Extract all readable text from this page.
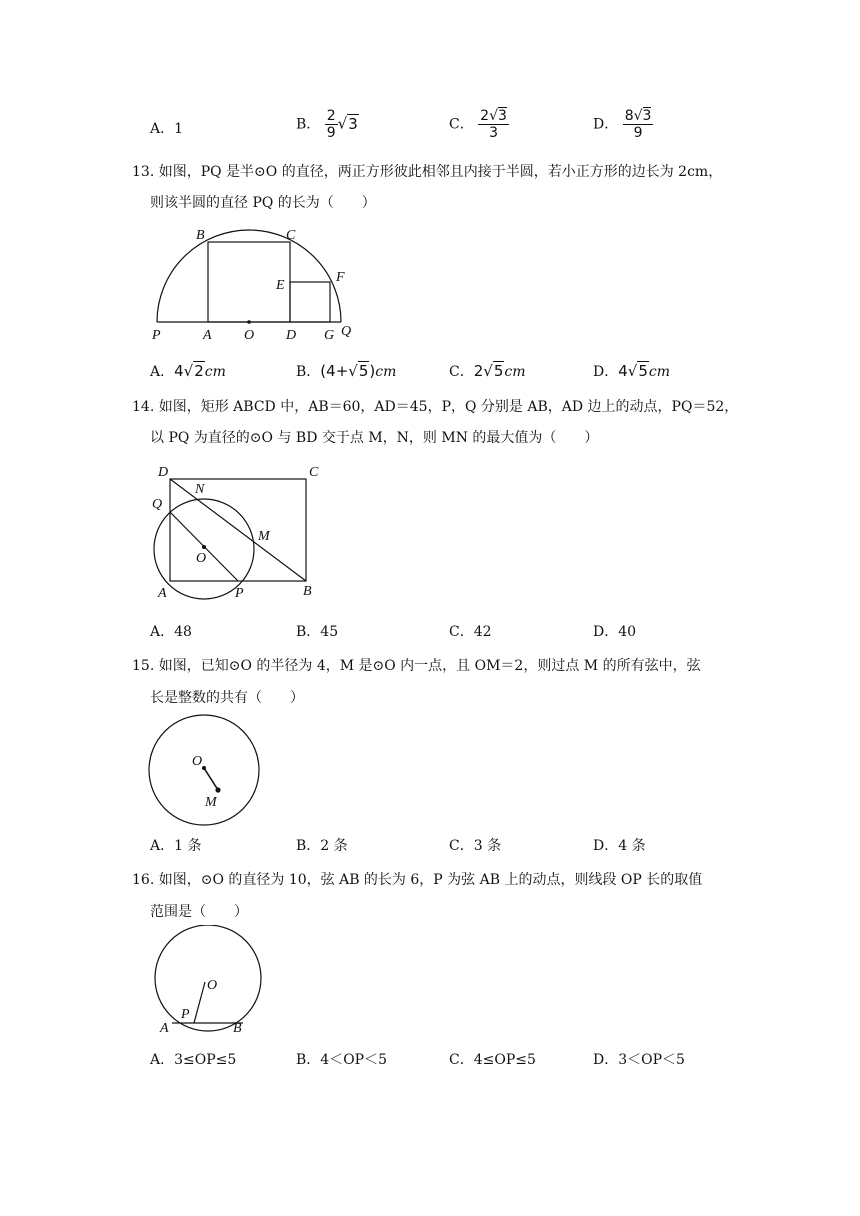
A．1	B． $\frac{2}{9} √3$	C． $\frac{2√3}{3}$	D． $\frac{8√3}{9}$
13. 如图，PQ 是半⊙O 的直径，两正方形彼此相邻且内接于半圆，若小正方形的边长为 2cm，
则该半圆的直径 PQ 的长为（　　）
B	C
E
F
P	A O D G Q
A．4√2cm	B．(4+√5)cm	C．2√5cm	D．4√5cm
14. 如图，矩形 ABCD 中，AB＝60，AD＝45，P，Q 分别是 AB，AD 边上的动点，PQ＝52，
以 PQ 为直径的⊙O 与 BD 交于点 M，N，则 MN 的最大值为（　　）
D	C
N
Q
M
O
A	P	B
A．48	B．45	C．42	D．40
15. 如图，已知⊙O 的半径为 4，M 是⊙O 内一点，且 OM＝2，则过点 M 的所有弦中，弦
长是整数的共有（　　）
O
M
A．1 条	B．2 条	C．3 条	D．4 条
16. 如图，⊙O 的直径为 10，弦 AB 的长为 6，P 为弦 AB 上的动点，则线段 OP 长的取值
范围是（　　）
O
P
A	B
A．3≤OP≤5	B．4＜OP＜5	C．4≤OP≤5	D．3＜OP＜5
